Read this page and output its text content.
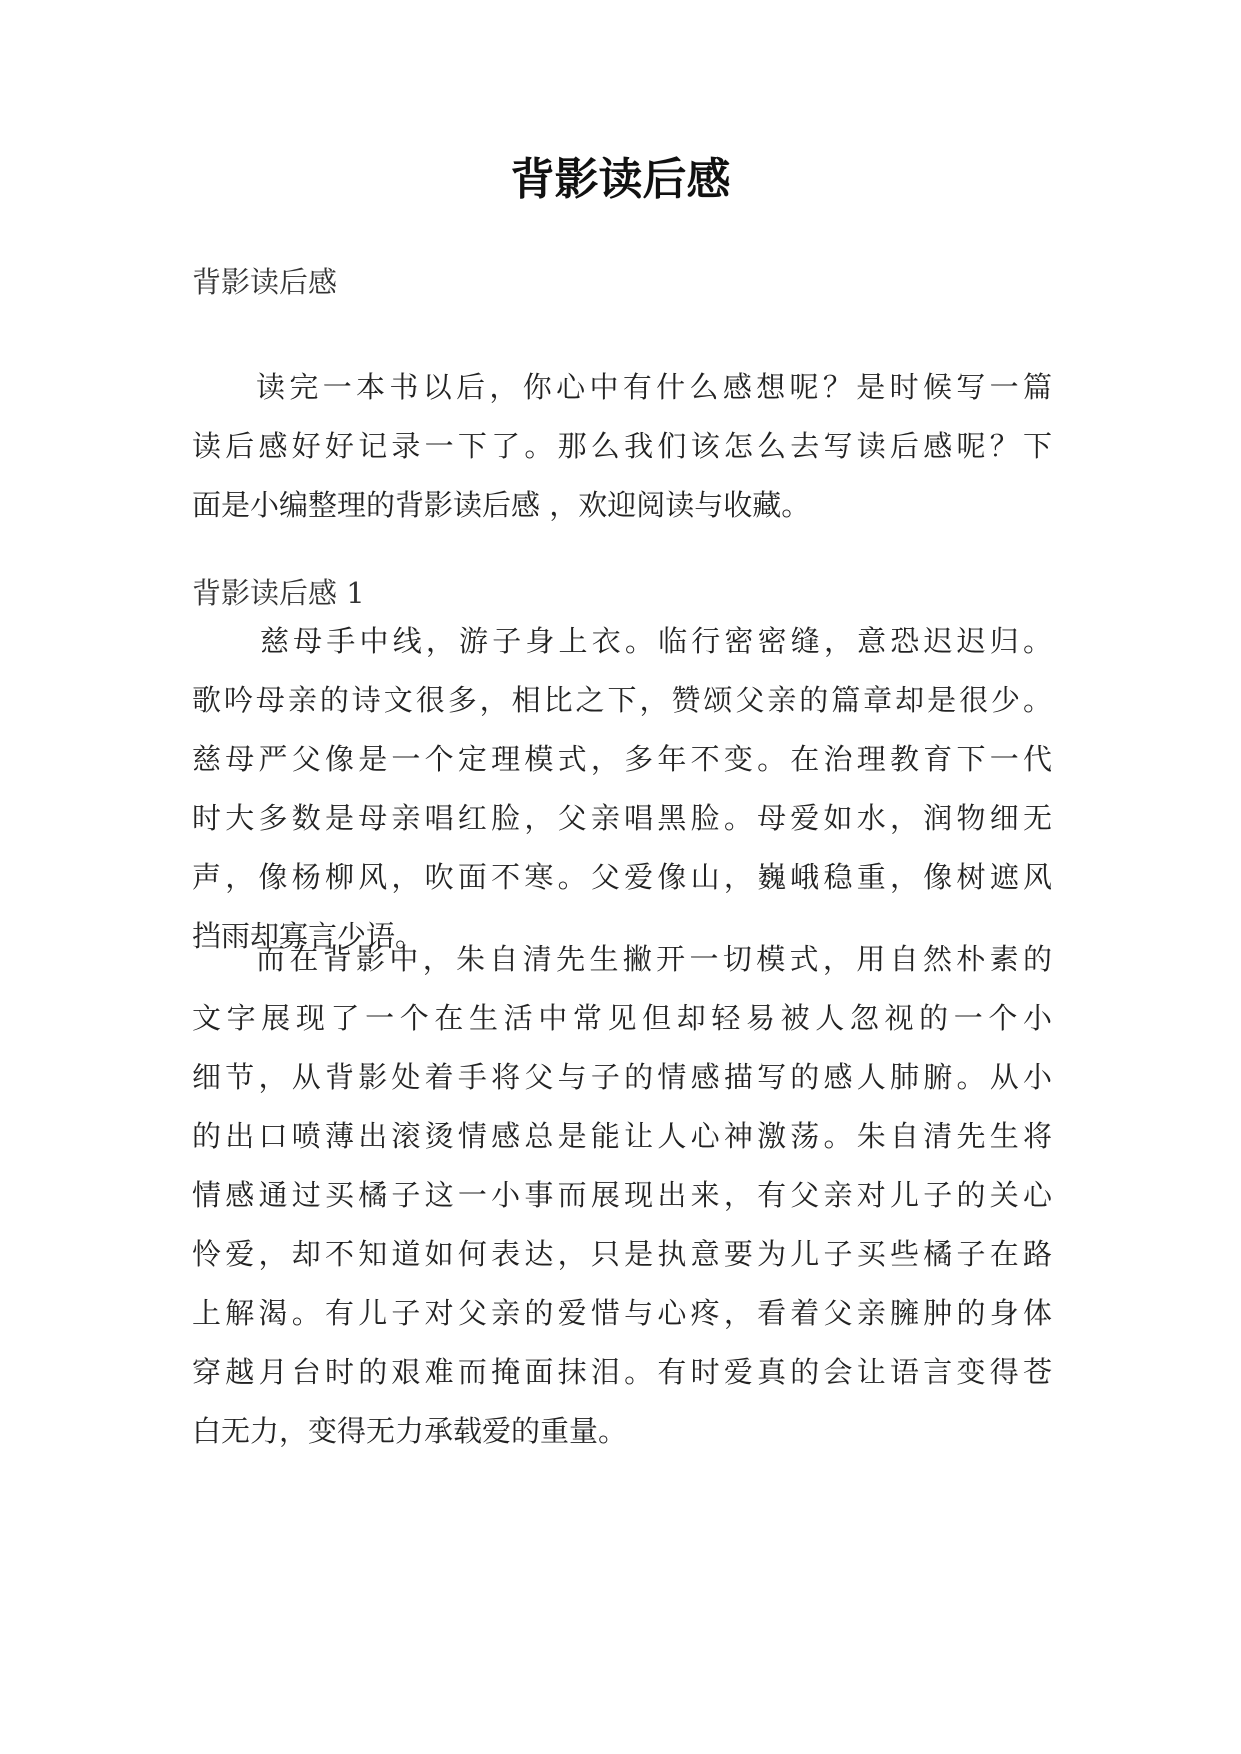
背影读后感

背影读后感

读完一本书以后，你心中有什么感想呢？是时候写一篇
读后感好好记录一下了。那么我们该怎么去写读后感呢？下
面是小编整理的背影读后感 ，欢迎阅读与收藏。

背影读后感 1

慈母手中线，游子身上衣。临行密密缝，意恐迟迟归。
歌吟母亲的诗文很多，相比之下，赞颂父亲的篇章却是很少。
慈母严父像是一个定理模式，多年不变。在治理教育下一代
时大多数是母亲唱红脸，父亲唱黑脸。母爱如水，润物细无
声，像杨柳风，吹面不寒。父爱像山，巍峨稳重，像树遮风
挡雨却寡言少语。
而在背影中，朱自清先生撇开一切模式，用自然朴素的
文字展现了一个在生活中常见但却轻易被人忽视的一个小
细节，从背影处着手将父与子的情感描写的感人肺腑。从小
的出口喷薄出滚烫情感总是能让人心神激荡。朱自清先生将
情感通过买橘子这一小事而展现出来，有父亲对儿子的关心
怜爱，却不知道如何表达，只是执意要为儿子买些橘子在路
上解渴。有儿子对父亲的爱惜与心疼，看着父亲臃肿的身体
穿越月台时的艰难而掩面抹泪。有时爱真的会让语言变得苍
白无力，变得无力承载爱的重量。
